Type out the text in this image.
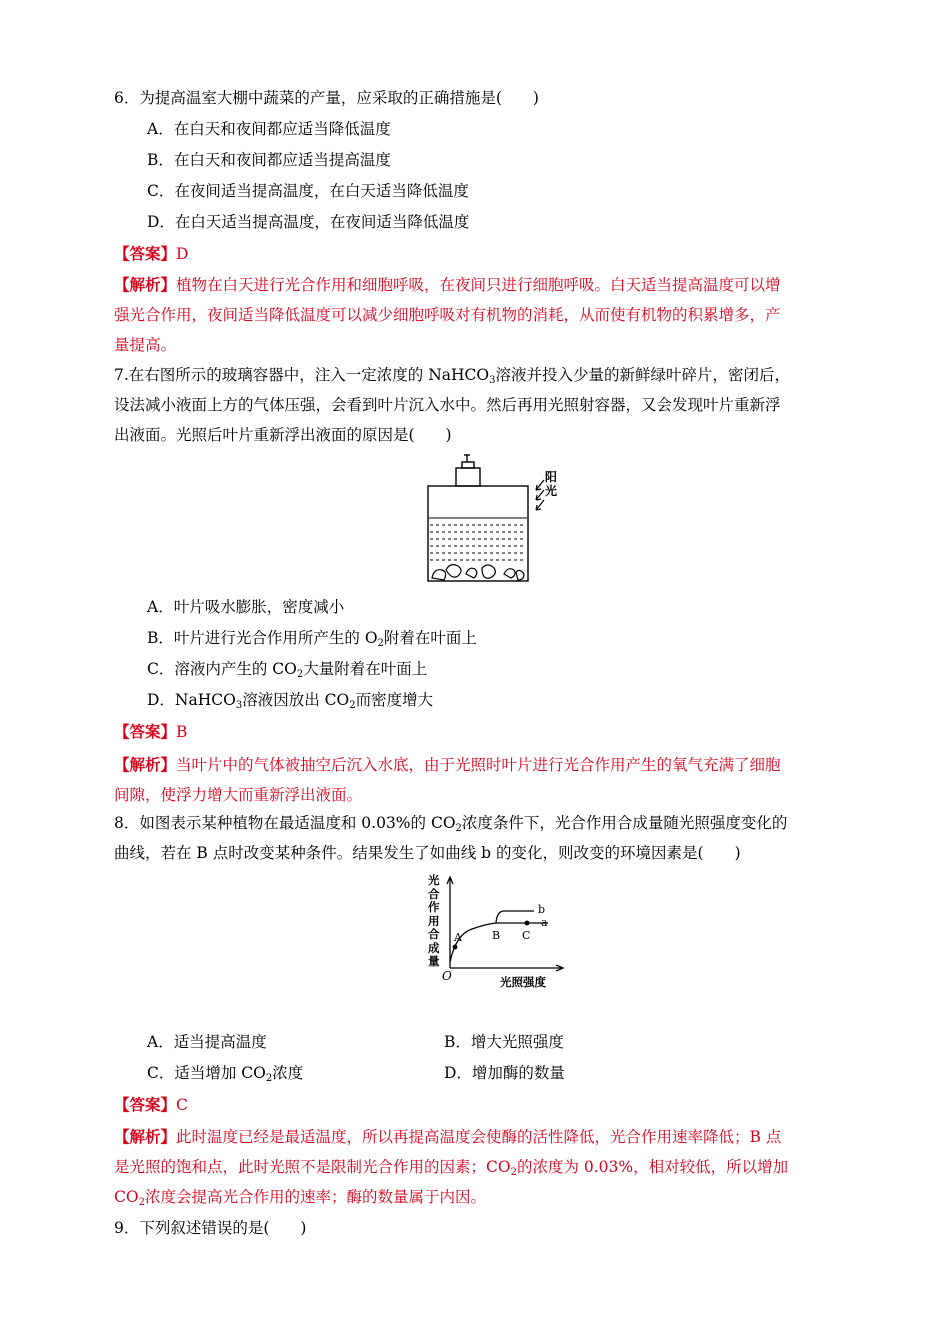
6．为提高温室大棚中蔬菜的产量，应采取的正确措施是(　　)
A．在白天和夜间都应适当降低温度
B．在白天和夜间都应适当提高温度
C．在夜间适当提高温度，在白天适当降低温度
D．在白天适当提高温度，在夜间适当降低温度
【答案】D
【解析】植物在白天进行光合作用和细胞呼吸，在夜间只进行细胞呼吸。白天适当提高温度可以增
强光合作用，夜间适当降低温度可以减少细胞呼吸对有机物的消耗，从而使有机物的积累增多，产
量提高。
7.在右图所示的玻璃容器中，注入一定浓度的 NaHCO$_3$溶液并投入少量的新鲜绿叶碎片，密闭后，
设法减小液面上方的气体压强，会看到叶片沉入水中。然后再用光照射容器，又会发现叶片重新浮
出液面。光照后叶片重新浮出液面的原因是(　　)
阳光
A．叶片吸水膨胀，密度减小
B．叶片进行光合作用所产生的 $O_2$附着在叶面上
C．溶液内产生的 $CO_2$大量附着在叶面上
D．NaHCO$_3$溶液因放出 $CO_2$而密度增大
【答案】B
【解析】当叶片中的气体被抽空后沉入水底，由于光照时叶片进行光合作用产生的氧气充满了细胞
间隙，使浮力增大而重新浮出液面。
8．如图表示某种植物在最适温度和 0.03%的 $CO_2$浓度条件下，光合作用合成量随光照强度变化的
曲线，若在 B 点时改变某种条件。结果发生了如曲线 b 的变化，则改变的环境因素是(　　)
光合作用合成量
O	光照强度
A	B C
a
b
A．适当提高温度	B．增大光照强度
C．适当增加 $CO_2$浓度	D．增加酶的数量
【答案】C
【解析】此时温度已经是最适温度，所以再提高温度会使酶的活性降低，光合作用速率降低；B 点
是光照的饱和点，此时光照不是限制光合作用的因素；$CO_2$的浓度为 0.03%，相对较低，所以增加
$CO_2$浓度会提高光合作用的速率；酶的数量属于内因。
9．下列叙述错误的是(　　)
